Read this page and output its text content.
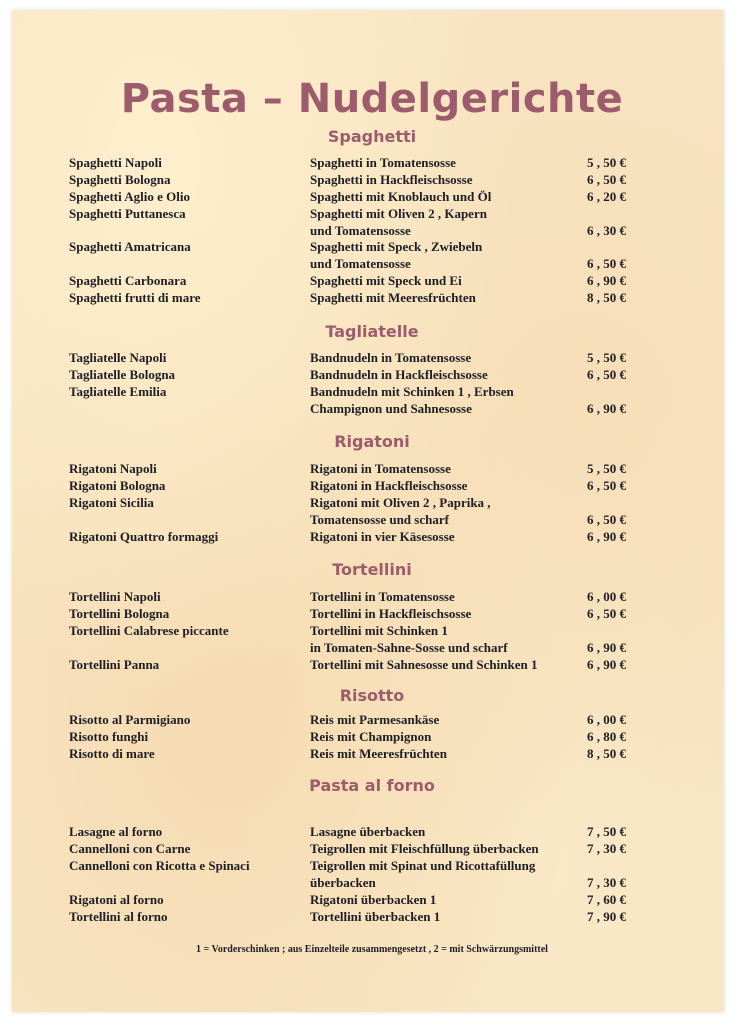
Pasta – Nudelgerichte
Spaghetti
Spaghetti Napoli	Spaghetti in Tomatensosse	5 , 50 €
Spaghetti Bologna	Spaghetti in Hackfleischsosse	6 , 50 €
Spaghetti Aglio e Olio	Spaghetti mit Knoblauch und Öl	6 , 20 €
Spaghetti Puttanesca	Spaghetti mit Oliven 2 , Kapern
und Tomatensosse	6 , 30 €
Spaghetti Amatricana	Spaghetti mit Speck , Zwiebeln
und Tomatensosse	6 , 50 €
Spaghetti Carbonara	Spaghetti mit Speck und Ei	6 , 90 €
Spaghetti frutti di mare	Spaghetti mit Meeresfrüchten	8 , 50 €
Tagliatelle
Tagliatelle Napoli	Bandnudeln in Tomatensosse	5 , 50 €
Tagliatelle Bologna	Bandnudeln in Hackfleischsosse	6 , 50 €
Tagliatelle Emilia	Bandnudeln mit Schinken 1 , Erbsen
Champignon und Sahnesosse	6 , 90 €
Rigatoni
Rigatoni Napoli	Rigatoni in Tomatensosse	5 , 50 €
Rigatoni Bologna	Rigatoni in Hackfleischsosse	6 , 50 €
Rigatoni Sicilia	Rigatoni mit Oliven 2 , Paprika ,
Tomatensosse und scharf	6 , 50 €
Rigatoni Quattro formaggi	Rigatoni in vier Käsesosse	6 , 90 €
Tortellini
Tortellini Napoli	Tortellini in Tomatensosse	6 , 00 €
Tortellini Bologna	Tortellini in Hackfleischsosse	6 , 50 €
Tortellini Calabrese piccante	Tortellini mit Schinken 1
in Tomaten-Sahne-Sosse und scharf	6 , 90 €
Tortellini Panna	Tortellini mit Sahnesosse und Schinken 1	6 , 90 €
Risotto
Risotto al Parmigiano	Reis mit Parmesankäse	6 , 00 €
Risotto funghi	Reis mit Champignon	6 , 80 €
Risotto di mare	Reis mit Meeresfrüchten	8 , 50 €
Pasta al forno
Lasagne al forno	Lasagne überbacken	7 , 50 €
Cannelloni con Carne	Teigrollen mit Fleischfüllung überbacken	7 , 30 €
Cannelloni con Ricotta e Spinaci	Teigrollen mit Spinat und Ricottafüllung
überbacken	7 , 30 €
Rigatoni al forno	Rigatoni überbacken 1	7 , 60 €
Tortellini al forno	Tortellini überbacken 1	7 , 90 €
1 = Vorderschinken ; aus Einzelteile zusammengesetzt , 2 = mit Schwärzungsmittel
